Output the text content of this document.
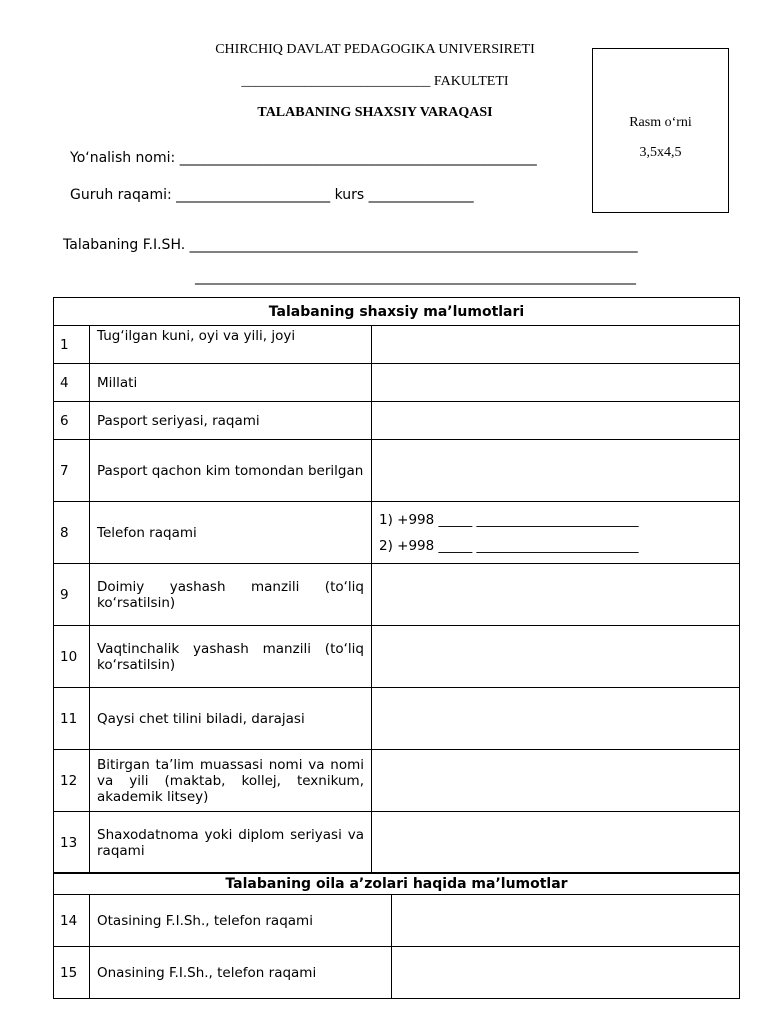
CHIRCHIQ DAVLAT PEDAGOGIKA UNIVERSIRETI
___________________________ FAKULTETI
TALABANING SHAXSIY VARAQASI
Rasm o‘rni
3,5x4,5
Yo‘nalish nomi: ___________________________________________________
Guruh raqami: ______________________ kurs _______________
Talabaning F.I.SH. ________________________________________________________________
_______________________________________________________________
Talabaning shaxsiy ma’lumotlari		
1	Tug‘ilgan kuni, oyi va yili, joyi	
4	Millati	
6	Pasport seriyasi, raqami	
7	Pasport qachon kim tomondan berilgan	
8	Telefon raqami	1) +998 _____ ________________________
2) +998 _____ ________________________

9	Doimiy yashash manzili (to‘liq ko‘rsatilsin)	
10	Vaqtinchalik yashash manzili (to‘liq ko‘rsatilsin)	
11	Qaysi chet tilini biladi, darajasi	
12	Bitirgan ta’lim muassasi nomi va nomi va yili (maktab, kollej, texnikum, akademik litsey)	
13	Shaxodatnoma yoki diplom seriyasi va raqami	
Talabaning oila a’zolari haqida ma’lumotlar		
14	Otasining F.I.Sh., telefon raqami	
15	Onasining F.I.Sh., telefon raqami	
